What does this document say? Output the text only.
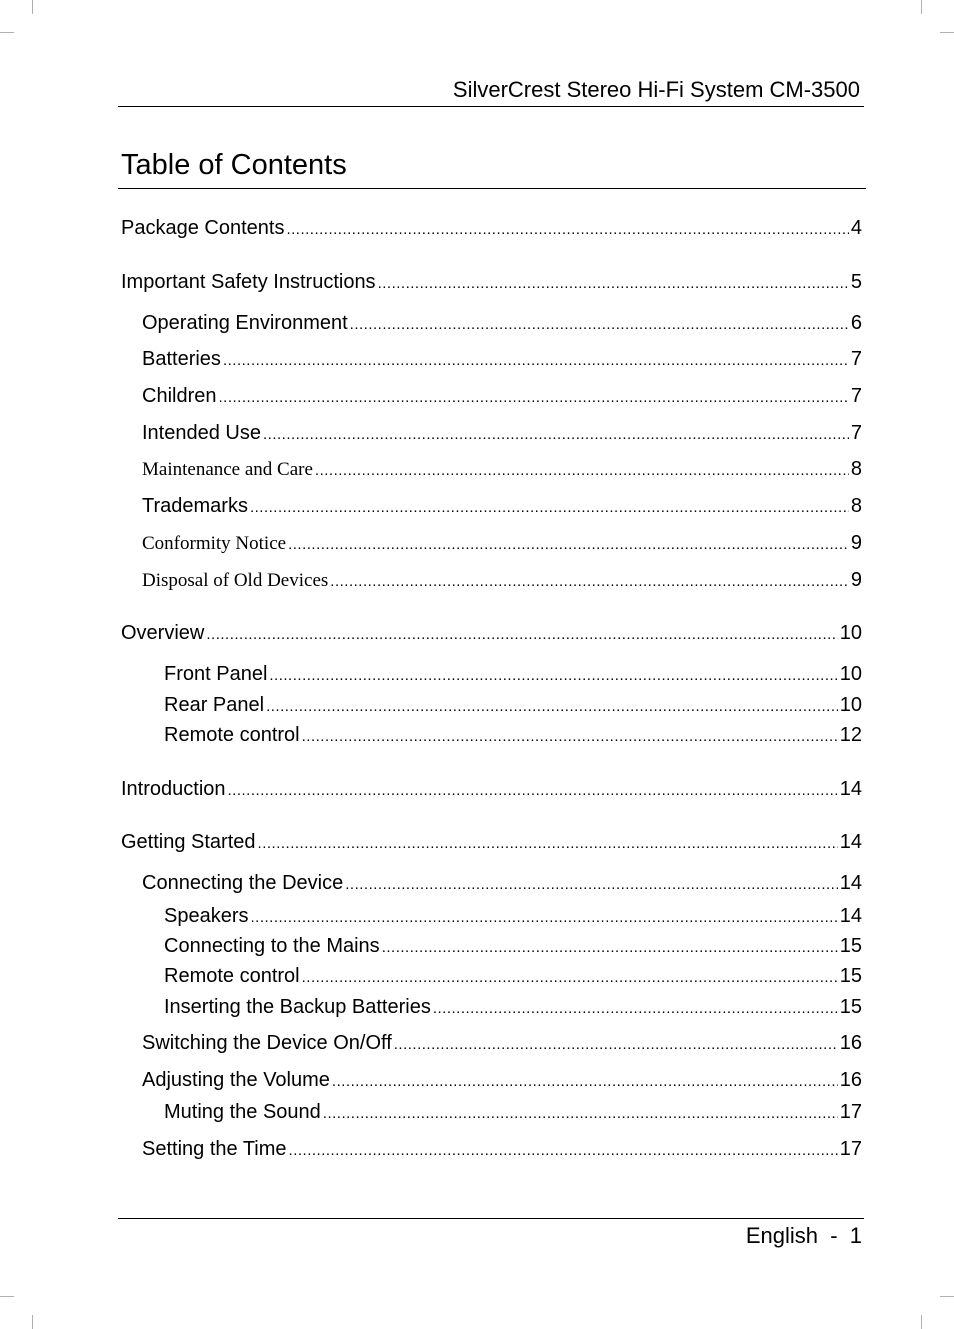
SilverCrest Stereo Hi-Fi System CM-3500
Table of Contents
Package Contents .....	4
Important Safety Instructions .....	5
Operating Environment .....	6
Batteries .....	7
Children .....	7
Intended Use .....	7
Maintenance and Care .....	8
Trademarks .....	8
Conformity Notice .....	9
Disposal of Old Devices .....	9
Overview .....	10
Front Panel .....	10
Rear Panel .....	10
Remote control .....	12
Introduction .....	14
Getting Started .....	14
Connecting the Device .....	14
Speakers .....	14
Connecting to the Mains .....	15
Remote control .....	15
Inserting the Backup Batteries .....	15
Switching the Device On/Off .....	16
Adjusting the Volume .....	16
Muting the Sound .....	17
Setting the Time .....	17
English  -  1
